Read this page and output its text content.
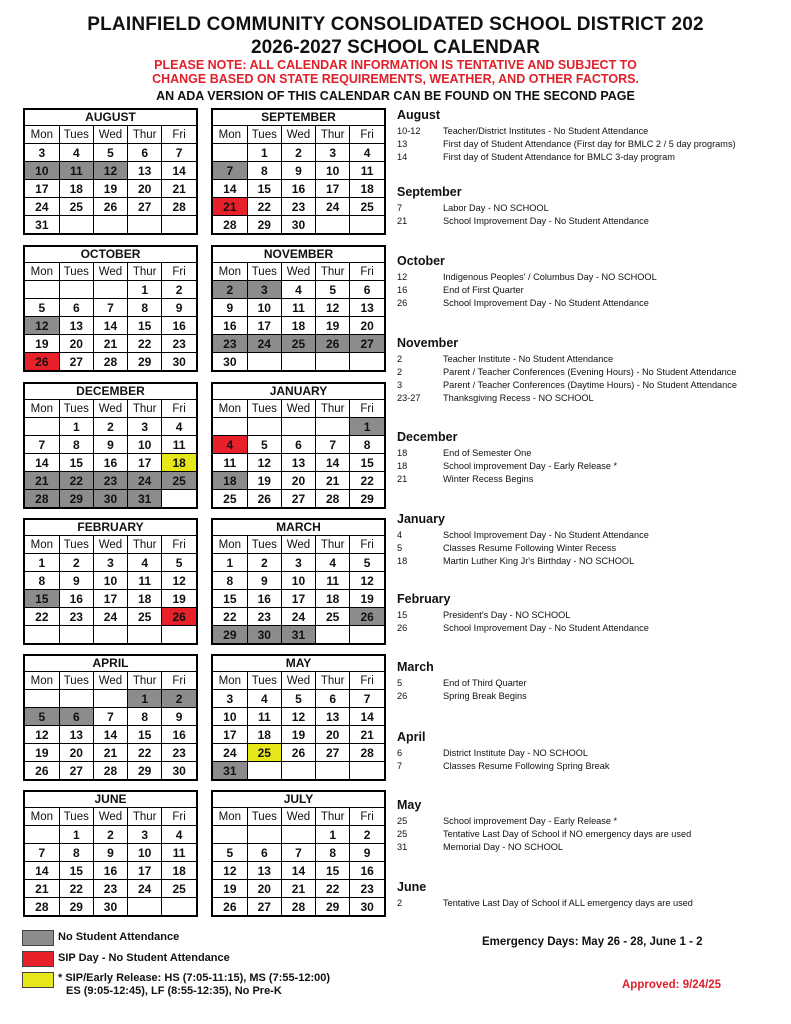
PLAINFIELD COMMUNITY CONSOLIDATED SCHOOL DISTRICT 202
2026-2027 SCHOOL CALENDAR
PLEASE NOTE: ALL CALENDAR INFORMATION IS TENTATIVE AND SUBJECT TO
CHANGE BASED ON STATE REQUIREMENTS, WEATHER, AND OTHER FACTORS.
AN ADA VERSION OF THIS CALENDAR CAN BE FOUND ON THE SECOND PAGE
AUGUST
Mon	Tues	Wed	Thur	Fri
3	4	5	6	7
10	11	12	13	14
17	18	19	20	21
24	25	26	27	28
31				
SEPTEMBER
Mon	Tues	Wed	Thur	Fri
	1	2	3	4
7	8	9	10	11
14	15	16	17	18
21	22	23	24	25
28	29	30		
OCTOBER
Mon	Tues	Wed	Thur	Fri
			1	2
5	6	7	8	9
12	13	14	15	16
19	20	21	22	23
26	27	28	29	30
NOVEMBER
Mon	Tues	Wed	Thur	Fri
2	3	4	5	6
9	10	11	12	13
16	17	18	19	20
23	24	25	26	27
30				
DECEMBER
Mon	Tues	Wed	Thur	Fri
	1	2	3	4
7	8	9	10	11
14	15	16	17	18
21	22	23	24	25
28	29	30	31	
JANUARY
Mon	Tues	Wed	Thur	Fri
				1
4	5	6	7	8
11	12	13	14	15
18	19	20	21	22
25	26	27	28	29
FEBRUARY
Mon	Tues	Wed	Thur	Fri
1	2	3	4	5
8	9	10	11	12
15	16	17	18	19
22	23	24	25	26

MARCH
Mon	Tues	Wed	Thur	Fri
1	2	3	4	5
8	9	10	11	12
15	16	17	18	19
22	23	24	25	26
29	30	31		
APRIL
Mon	Tues	Wed	Thur	Fri
			1	2
5	6	7	8	9
12	13	14	15	16
19	20	21	22	23
26	27	28	29	30
MAY
Mon	Tues	Wed	Thur	Fri
3	4	5	6	7
10	11	12	13	14
17	18	19	20	21
24	25	26	27	28
31				
JUNE
Mon	Tues	Wed	Thur	Fri
	1	2	3	4
7	8	9	10	11
14	15	16	17	18
21	22	23	24	25
28	29	30		
JULY
Mon	Tues	Wed	Thur	Fri
			1	2
5	6	7	8	9
12	13	14	15	16
19	20	21	22	23
26	27	28	29	30
August
10-12 Teacher/District Institutes - No Student Attendance
13	First day of Student Attendance (First day for BMLC 2 / 5 day programs)
14	First day of Student Attendance for BMLC 3-day program
September
7	Labor Day - NO SCHOOL
21	School Improvement Day - No Student Attendance
October
12	Indigenous Peoples' / Columbus Day - NO SCHOOL
16	End of First Quarter
26	School Improvement Day - No Student Attendance
November
2	Teacher Institute - No Student Attendance
2	Parent / Teacher Conferences (Evening Hours) - No Student Attendance
3	Parent / Teacher Conferences (Daytime Hours) - No Student Attendance
23-27 Thanksgiving Recess - NO SCHOOL
December
18	End of Semester One
18	School improvement Day - Early Release *
21	Winter Recess Begins
January
4	School Improvement Day - No Student Attendance
5	Classes Resume Following Winter Recess
18	Martin Luther King Jr's Birthday - NO SCHOOL
February
15	President's Day - NO SCHOOL
26	School Improvement Day - No Student Attendance
March
5	End of Third Quarter
26	Spring Break Begins
April
6	District Institute Day - NO SCHOOL
7	Classes Resume Following Spring Break
May
25	School improvement Day - Early Release *
25	Tentative Last Day of School if NO emergency days are used
31	Memorial Day - NO SCHOOL
June
2	Tentative Last Day of School if ALL emergency days are used
No Student Attendance
SIP Day - No Student Attendance
* SIP/Early Release: HS (7:05-11:15), MS (7:55-12:00)
ES (9:05-12:45), LF (8:55-12:35), No Pre-K
Emergency Days: May 26 - 28, June 1 - 2
Approved: 9/24/25
